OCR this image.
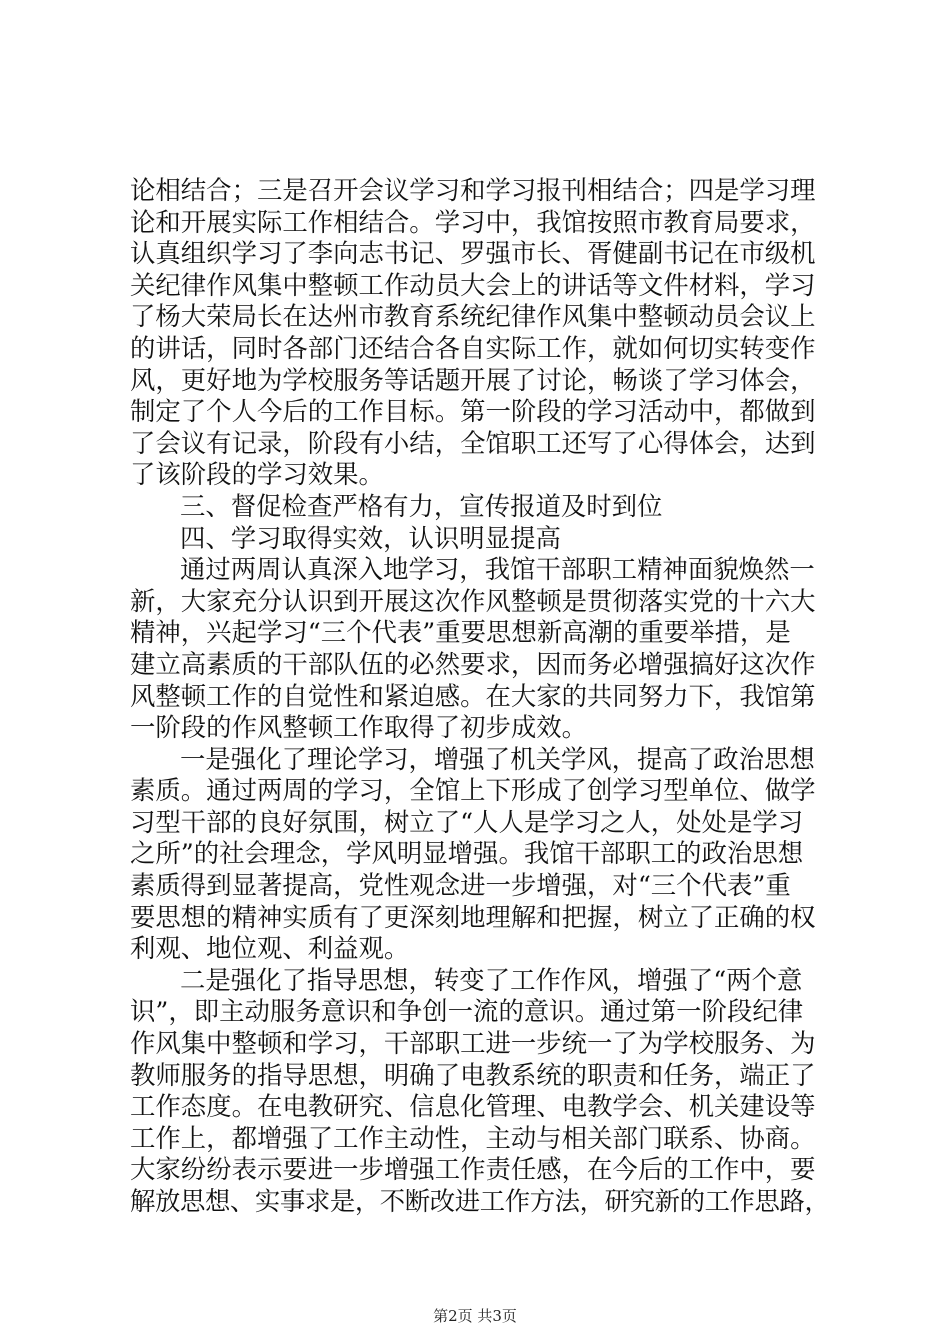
论相结合；三是召开会议学习和学习报刊相结合；四是学习理
论和开展实际工作相结合。学习中，我馆按照市教育局要求，
认真组织学习了李向志书记、罗强市长、胥健副书记在市级机
关纪律作风集中整顿工作动员大会上的讲话等文件材料，学习
了杨大荣局长在达州市教育系统纪律作风集中整顿动员会议上
的讲话，同时各部门还结合各自实际工作，就如何切实转变作
风，更好地为学校服务等话题开展了讨论，畅谈了学习体会，
制定了个人今后的工作目标。第一阶段的学习活动中，都做到
了会议有记录，阶段有小结，全馆职工还写了心得体会，达到
了该阶段的学习效果。
三、督促检查严格有力，宣传报道及时到位
四、学习取得实效，认识明显提高
通过两周认真深入地学习，我馆干部职工精神面貌焕然一
新，大家充分认识到开展这次作风整顿是贯彻落实党的十六大
精神，兴起学习“三个代表”重要思想新高潮的重要举措，是
建立高素质的干部队伍的必然要求，因而务必增强搞好这次作
风整顿工作的自觉性和紧迫感。在大家的共同努力下，我馆第
一阶段的作风整顿工作取得了初步成效。
一是强化了理论学习，增强了机关学风，提高了政治思想
素质。通过两周的学习，全馆上下形成了创学习型单位、做学
习型干部的良好氛围，树立了“人人是学习之人，处处是学习
之所”的社会理念，学风明显增强。我馆干部职工的政治思想
素质得到显著提高，党性观念进一步增强，对“三个代表”重
要思想的精神实质有了更深刻地理解和把握，树立了正确的权
利观、地位观、利益观。
二是强化了指导思想，转变了工作作风，增强了“两个意
识”，即主动服务意识和争创一流的意识。通过第一阶段纪律
作风集中整顿和学习，干部职工进一步统一了为学校服务、为
教师服务的指导思想，明确了电教系统的职责和任务，端正了
工作态度。在电教研究、信息化管理、电教学会、机关建设等
工作上，都增强了工作主动性，主动与相关部门联系、协商。
大家纷纷表示要进一步增强工作责任感，在今后的工作中，要
解放思想、实事求是，不断改进工作方法，研究新的工作思路，
第2页 共3页
